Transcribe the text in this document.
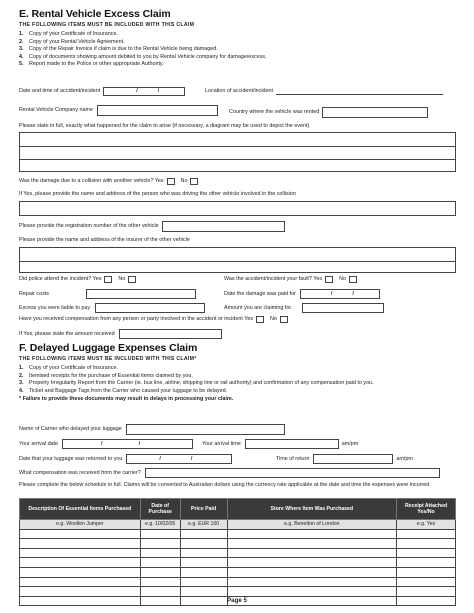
E. Rental Vehicle Excess Claim
THE FOLLOWING ITEMS MUST BE INCLUDED WITH THIS CLAIM
1.	Copy of your Certificate of Insurance.
2.	Copy of your Rental Vehicle Agreement.
3.	Copy of the Repair Invoice if claim is due to the Rental Vehicle being damaged.
4.	Copy of documents showing amount debited to you by Rental Vehicle company for damage/excess.
5.	Report made to the Police or other appropriate Authority.
Date and time of accident/incident	/	/	Location of accident/incident
Rental Vehicle Company name	Country where the vehicle was rented
Please state in full, exactly what happened for the claim to arise (if necessary, a diagram may be used to depict the event)
Was the damage due to a collision with another vehicle? Yes	No
If Yes, please provide the name and address of the person who was driving the other vehicle involved in the collision
Please provide the registration number of the other vehicle
Please provide the name and address of the insurer of the other vehicle
Did police attend the incident? Yes	No	Was the accident/incident your fault? Yes	No
Repair costs	Date the damage was paid for	/	/
Excess you were liable to pay	Amount you are claiming for
Have you received compensation from any person or party involved in the accident or incident Yes	No
If Yes, please state the amount received
F. Delayed Luggage Expenses Claim
THE FOLLOWING ITEMS MUST BE INCLUDED WITH THIS CLAIM*
1.	Copy of your Certificate of Insurance.
2.	Itemised receipts for the purchase of Essential items claimed by you.
3.	Property Irregularity Report from the Carrier (ie. bus line, airline, shipping line or rail authority) and confirmation of any compensation paid to you.
4.	Ticket and Baggage Tags from the Carrier who caused your luggage to be delayed.
* Failure to provide these documents may result in delays in processing your claim.
Name of Carrier who delayed your luggage
Your arrival date	/	/	Your arrival time	am/pm
Date that your luggage was returned to you	/	/	Time of return	am/pm
What compensation was received from the carrier?
Please complete the below schedule in full. Claims will be converted to Australian dollars using the currency rate applicable at the date and time the expenses were incurred
Description Of Essential Items Purchased	Date of Purchase	Price Paid	Store Where Item Was Purchased	Receipt Attached Yes/No
e.g. Woollen Jumper	e.g. 10/02/05	e.g. EUR 100	e.g. Benetton of London	e.g. Yes

Page 5
